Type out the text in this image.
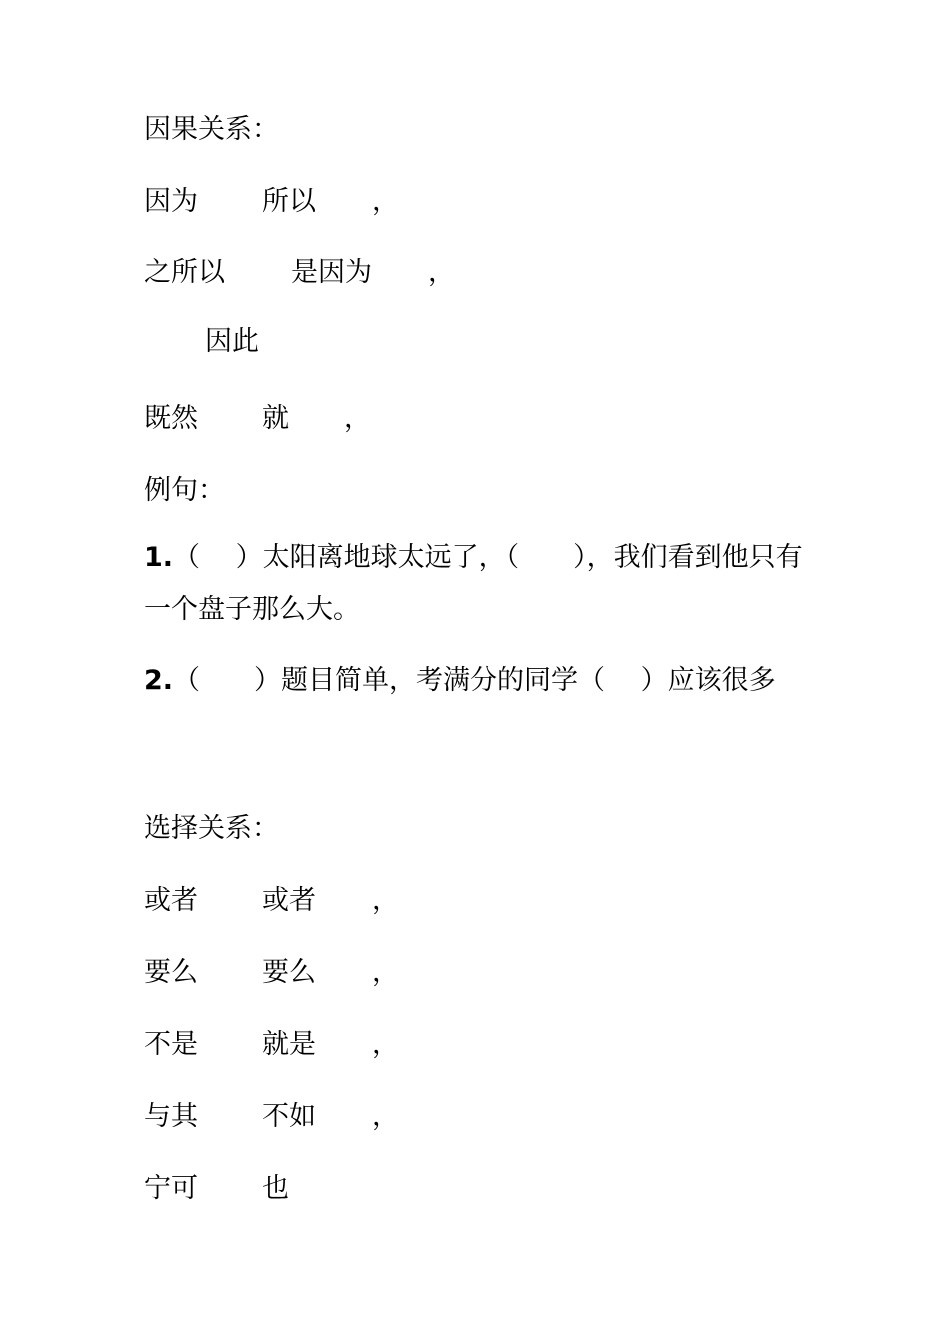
因果关系：
因为 所以 ，
之所以 是因为 ，
因此
既然 就 ，
例句：
1.（　 ）太阳离地球太远了，（　　），我们看到他只有一个盘子那么大。
2.（　　）题目简单，考满分的同学（　 ）应该很多
选择关系：
或者 或者 ，
要么 要么 ，
不是 就是 ，
与其 不如 ，
宁可 也
